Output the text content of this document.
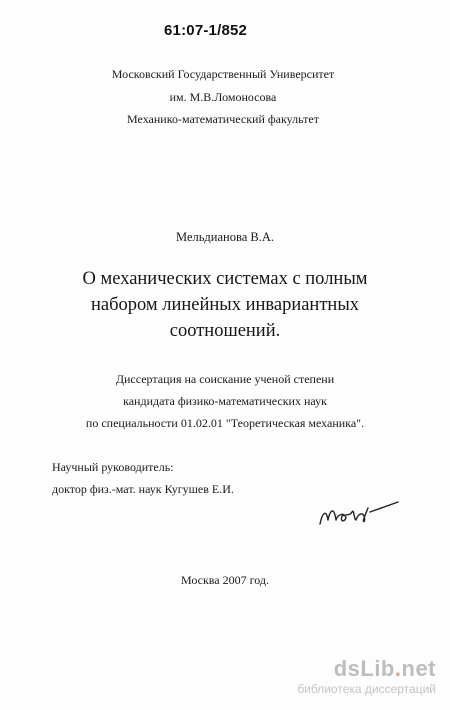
61:07-1/852
Московский Государственный Университет
им. М.В.Ломоносова
Механико-математический факультет
Мельдианова В.А.
О механических системах с полным
набором линейных инвариантных
соотношений.
Диссертация на соискание ученой степени
кандидата физико-математических наук
по специальности 01.02.01 "Теоретическая механика".
Научный руководитель:
доктор физ.-мат. наук Кугушев Е.И.
Москва 2007 год.
dsLib.net
библиотека диссертаций
